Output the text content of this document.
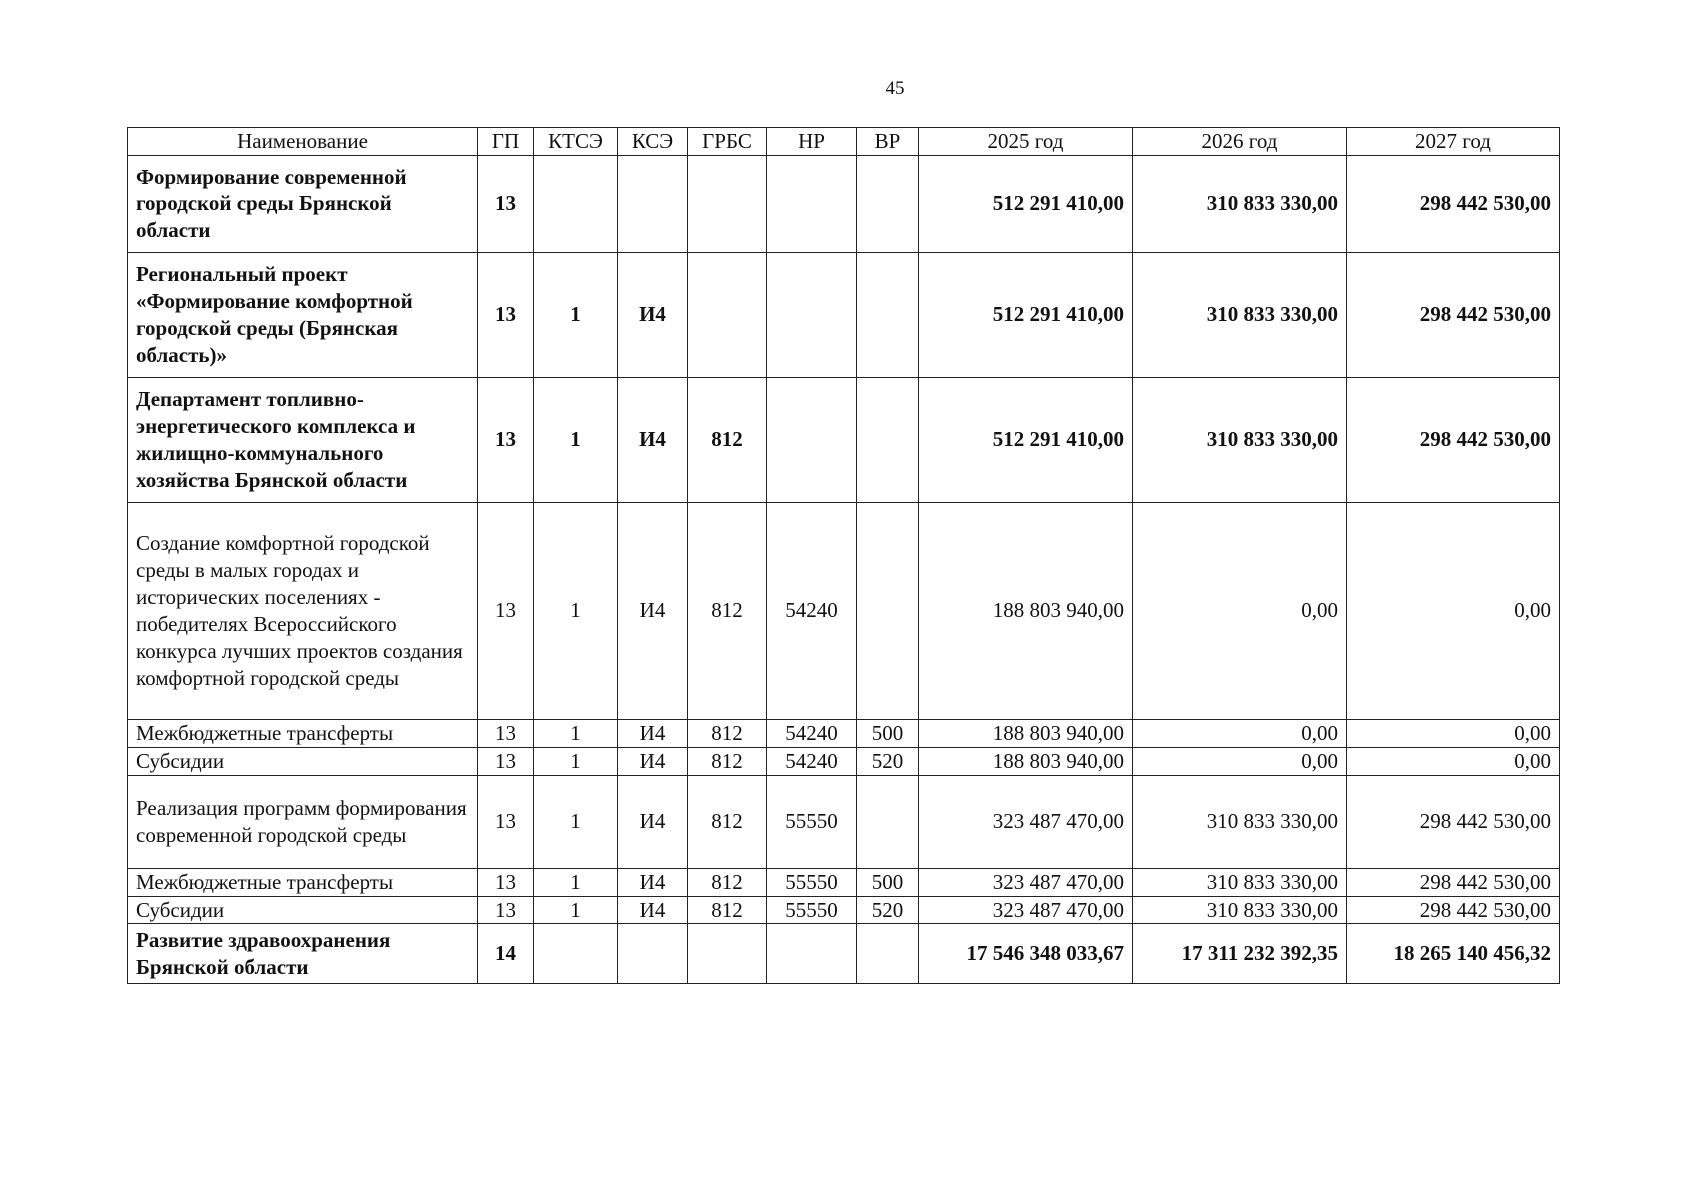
45
Наименование	ГП	КТСЭ	КСЭ	ГРБС	НР	ВР	2025 год	2026 год	2027 год
Формирование современной городской среды Брянской области	13						512 291 410,00	310 833 330,00	298 442 530,00
Региональный проект «Формирование комфортной городской среды (Брянская область)»	13	1	И4				512 291 410,00	310 833 330,00	298 442 530,00
Департамент топливно-энергетического комплекса и жилищно-коммунального хозяйства Брянской области	13	1	И4	812			512 291 410,00	310 833 330,00	298 442 530,00
Создание комфортной городской среды в малых городах и исторических поселениях - победителях Всероссийского конкурса лучших проектов создания комфортной городской среды	13	1	И4	812	54240		188 803 940,00	0,00	0,00
Межбюджетные трансферты	13	1	И4	812	54240	500	188 803 940,00	0,00	0,00
Субсидии	13	1	И4	812	54240	520	188 803 940,00	0,00	0,00
Реализация программ формирования современной городской среды	13	1	И4	812	55550		323 487 470,00	310 833 330,00	298 442 530,00
Межбюджетные трансферты	13	1	И4	812	55550	500	323 487 470,00	310 833 330,00	298 442 530,00
Субсидии	13	1	И4	812	55550	520	323 487 470,00	310 833 330,00	298 442 530,00
Развитие здравоохранения Брянской области	14						17 546 348 033,67	17 311 232 392,35	18 265 140 456,32
